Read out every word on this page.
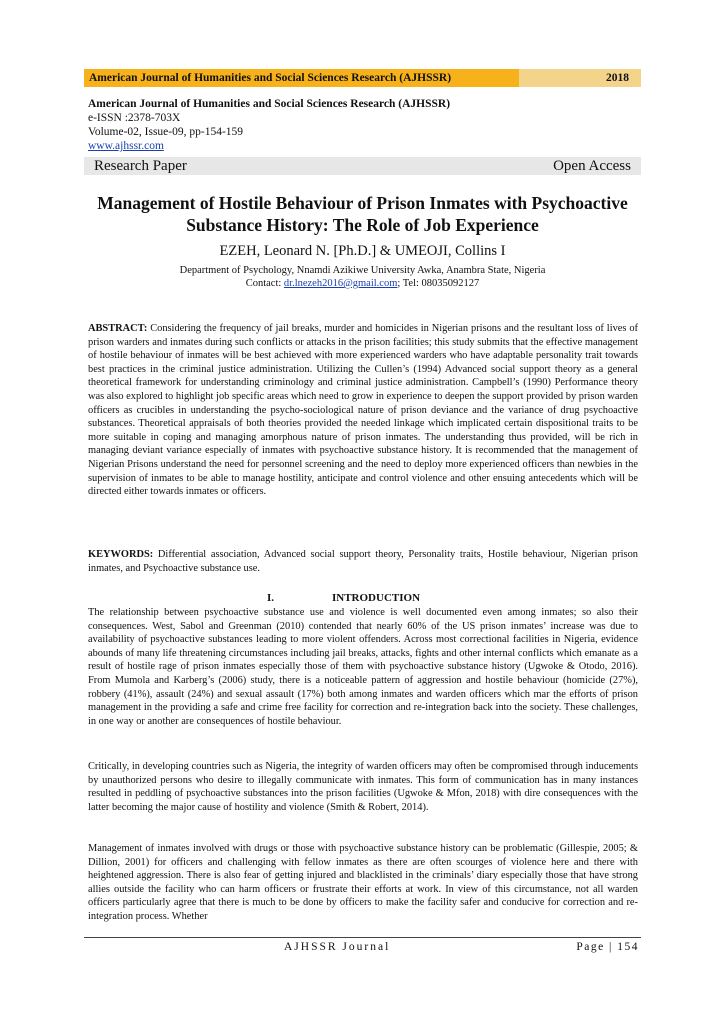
American Journal of Humanities and Social Sciences Research (AJHSSR)	2018
American Journal of Humanities and Social Sciences Research (AJHSSR)
e-ISSN :2378-703X
Volume-02, Issue-09, pp-154-159
www.ajhssr.com
Research Paper	Open Access
Management of Hostile Behaviour of Prison Inmates with Psychoactive Substance History: The Role of Job Experience
EZEH, Leonard N. [Ph.D.] & UMEOJI, Collins I
Department of Psychology, Nnamdi Azikiwe University Awka, Anambra State, Nigeria
Contact: dr.lnezeh2016@gmail.com; Tel: 08035092127
ABSTRACT: Considering the frequency of jail breaks, murder and homicides in Nigerian prisons and the resultant loss of lives of prison warders and inmates during such conflicts or attacks in the prison facilities; this study submits that the effective management of hostile behaviour of inmates will be best achieved with more experienced warders who have adaptable personality trait towards best practices in the criminal justice administration. Utilizing the Cullen’s (1994) Advanced social support theory as a general theoretical framework for understanding criminology and criminal justice administration. Campbell’s (1990) Performance theory was also explored to highlight job specific areas which need to grow in experience to deepen the support provided by prison warden officers as crucibles in understanding the psycho-sociological nature of prison deviance and the variance of drug psychoactive substances. Theoretical appraisals of both theories provided the needed linkage which implicated certain dispositional traits to be more suitable in coping and managing amorphous nature of prison inmates. The understanding thus provided, will be rich in managing deviant variance especially of inmates with psychoactive substance history. It is recommended that the management of Nigerian Prisons understand the need for personnel screening and the need to deploy more experienced officers than newbies in the supervision of inmates to be able to manage hostility, anticipate and control violence and other ensuing antecedents which will be directed either towards inmates or officers.
KEYWORDS: Differential association, Advanced social support theory, Personality traits, Hostile behaviour, Nigerian prison inmates, and Psychoactive substance use.
I.	INTRODUCTION
The relationship between psychoactive substance use and violence is well documented even among inmates; so also their consequences. West, Sabol and Greenman (2010) contended that nearly 60% of the US prison inmates’ increase was due to availability of psychoactive substances leading to more violent offenders. Across most correctional facilities in Nigeria, evidence abounds of many life threatening circumstances including jail breaks, attacks, fights and other internal conflicts which emanate as a result of hostile rage of prison inmates especially those of them with psychoactive substance history (Ugwoke & Otodo, 2016). From Mumola and Karberg’s (2006) study, there is a noticeable pattern of aggression and hostile behaviour (homicide (27%), robbery (41%), assault (24%) and sexual assault (17%) both among inmates and warden officers which mar the efforts of prison management in the providing a safe and crime free facility for correction and re-integration back into the society. These challenges, in one way or another are consequences of hostile behaviour.
Critically, in developing countries such as Nigeria, the integrity of warden officers may often be compromised through inducements by unauthorized persons who desire to illegally communicate with inmates. This form of communication has in many instances resulted in peddling of psychoactive substances into the prison facilities (Ugwoke & Mfon, 2018) with dire consequences with the latter becoming the major cause of hostility and violence (Smith & Robert, 2014).
Management of inmates involved with drugs or those with psychoactive substance history can be problematic (Gillespie, 2005; & Dillion, 2001) for officers and challenging with fellow inmates as there are often scourges of violence here and there with heightened aggression. There is also fear of getting injured and blacklisted in the criminals’ diary especially those that have strong allies outside the facility who can harm officers or frustrate their efforts at work. In view of this circumstance, not all warden officers particularly agree that there is much to be done by officers to make the facility safer and conducive for correction and re-integration process. Whether
AJHSSR Journal	Page | 154
